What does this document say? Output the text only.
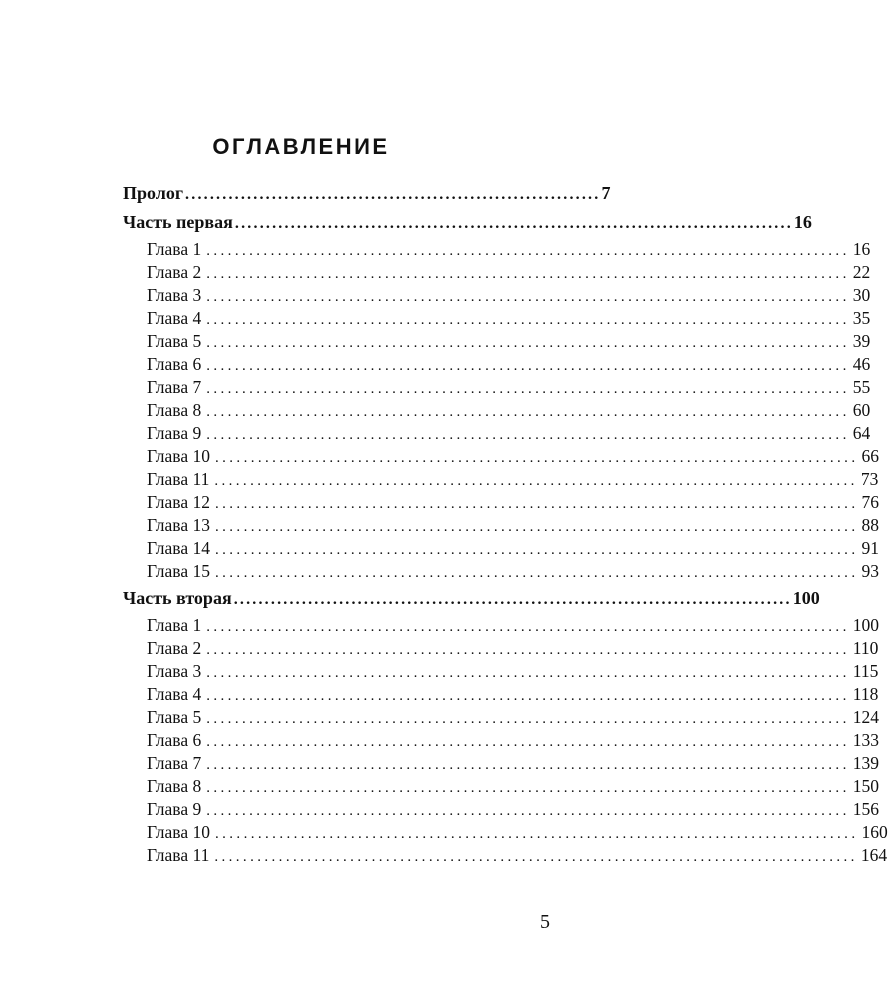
ОГЛАВЛЕНИЕ
Пролог ................................................................... 7
Часть первая .......................................................................................... 16
Глава 1 .......................................................................................... 16
Глава 2 .......................................................................................... 22
Глава 3 .......................................................................................... 30
Глава 4 .......................................................................................... 35
Глава 5 .......................................................................................... 39
Глава 6 .......................................................................................... 46
Глава 7 .......................................................................................... 55
Глава 8 .......................................................................................... 60
Глава 9 .......................................................................................... 64
Глава 10 .......................................................................................... 66
Глава 11 .......................................................................................... 73
Глава 12 .......................................................................................... 76
Глава 13 .......................................................................................... 88
Глава 14 .......................................................................................... 91
Глава 15 .......................................................................................... 93
Часть вторая .......................................................................................... 100
Глава 1 .......................................................................................... 100
Глава 2 .......................................................................................... 110
Глава 3 .......................................................................................... 115
Глава 4 .......................................................................................... 118
Глава 5 .......................................................................................... 124
Глава 6 .......................................................................................... 133
Глава 7 .......................................................................................... 139
Глава 8 .......................................................................................... 150
Глава 9 .......................................................................................... 156
Глава 10 .......................................................................................... 160
Глава 11 .......................................................................................... 164
5
